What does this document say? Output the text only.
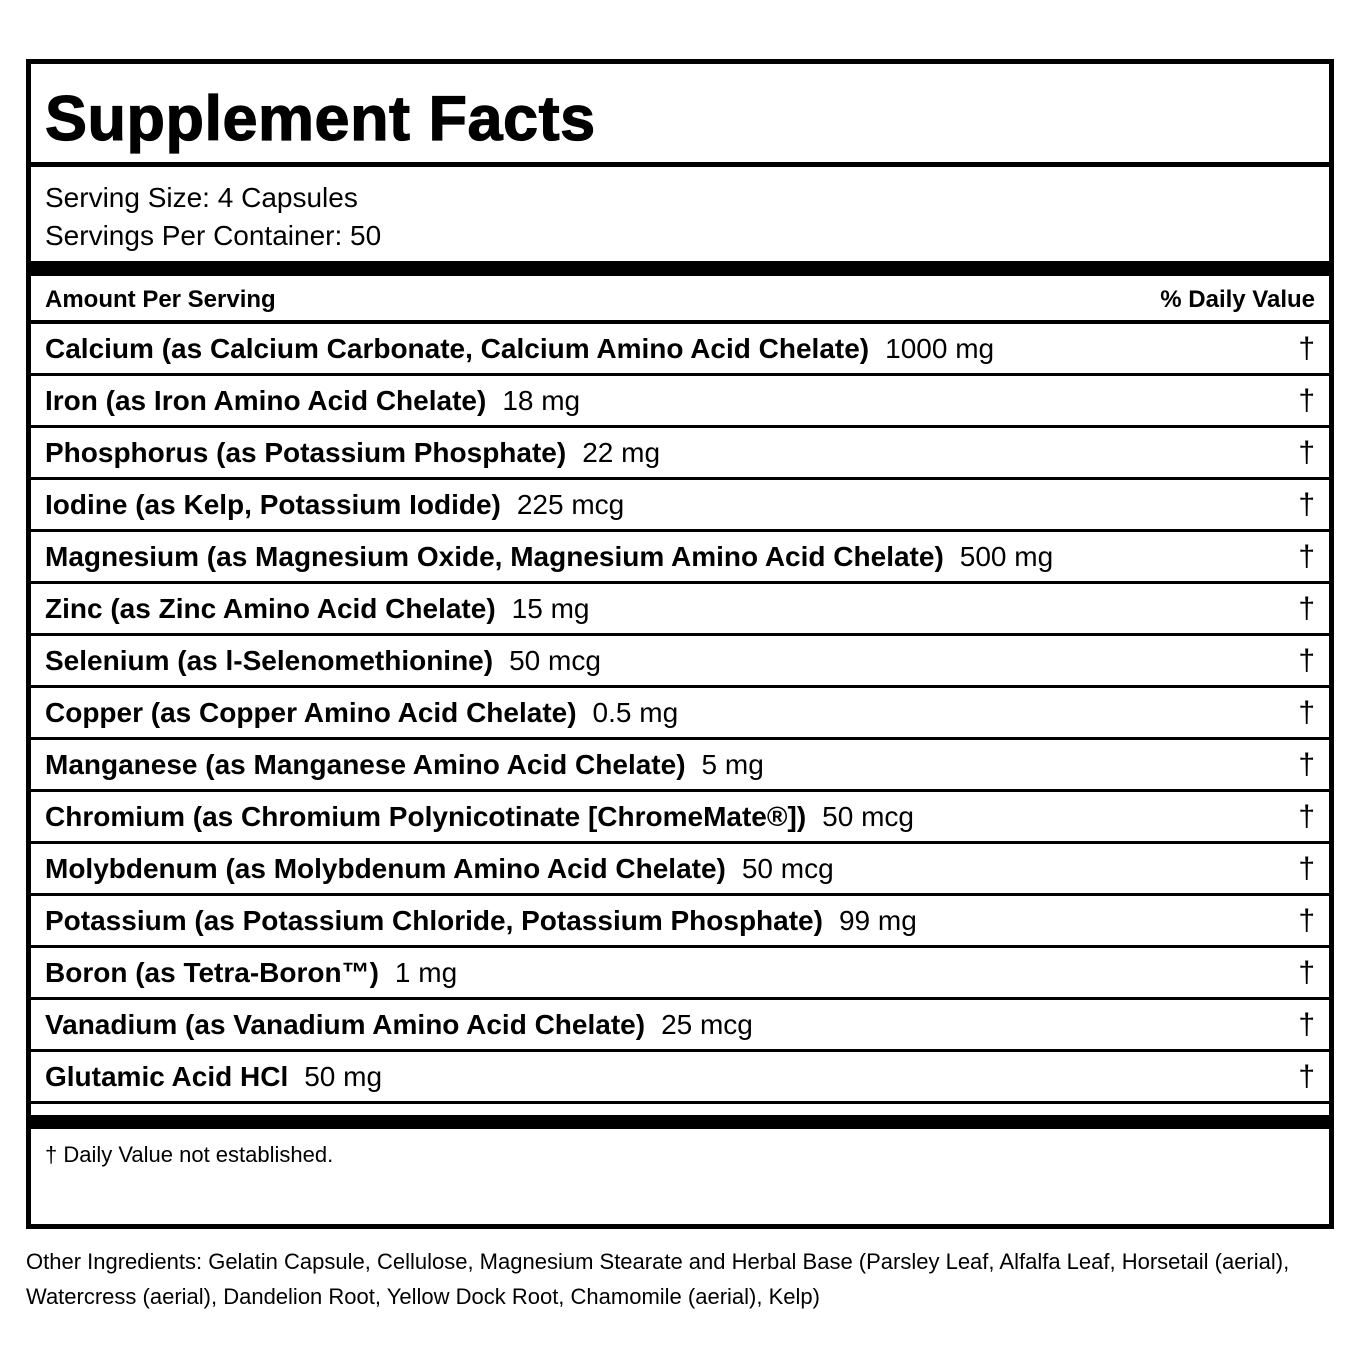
Supplement Facts
Serving Size: 4 Capsules
Servings Per Container: 50
Amount Per Serving	% Daily Value
Calcium (as Calcium Carbonate, Calcium Amino Acid Chelate) 1000 mg	†
Iron (as Iron Amino Acid Chelate) 18 mg	†
Phosphorus (as Potassium Phosphate) 22 mg	†
Iodine (as Kelp, Potassium Iodide) 225 mcg	†
Magnesium (as Magnesium Oxide, Magnesium Amino Acid Chelate) 500 mg	†
Zinc (as Zinc Amino Acid Chelate) 15 mg	†
Selenium (as l-Selenomethionine) 50 mcg	†
Copper (as Copper Amino Acid Chelate) 0.5 mg	†
Manganese (as Manganese Amino Acid Chelate) 5 mg	†
Chromium (as Chromium Polynicotinate [ChromeMate®]) 50 mcg	†
Molybdenum (as Molybdenum Amino Acid Chelate) 50 mcg	†
Potassium (as Potassium Chloride, Potassium Phosphate) 99 mg	†
Boron (as Tetra-Boron™) 1 mg	†
Vanadium (as Vanadium Amino Acid Chelate) 25 mcg	†
Glutamic Acid HCl 50 mg	†
† Daily Value not established.
Other Ingredients: Gelatin Capsule, Cellulose, Magnesium Stearate and Herbal Base (Parsley Leaf, Alfalfa Leaf, Horsetail (aerial), Watercress (aerial), Dandelion Root, Yellow Dock Root, Chamomile (aerial), Kelp)
